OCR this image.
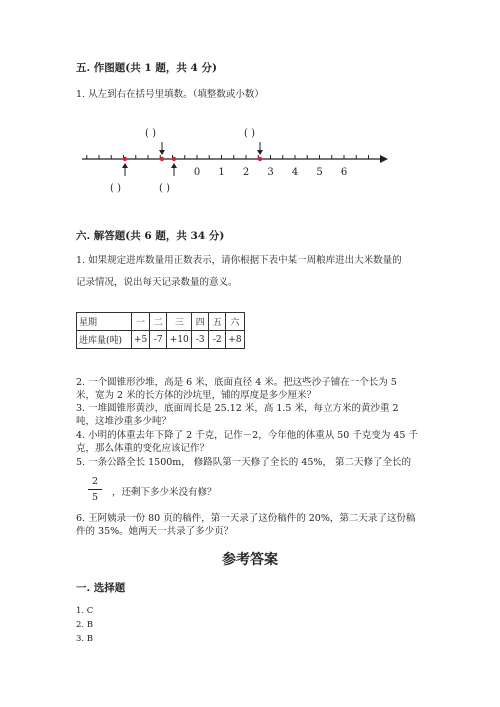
五. 作图题(共 1 题，共 4 分)
1. 从左到右在括号里填数。（填整数或小数）
0 1 2 3 4 5 6
( )	( )
( )	( )
六. 解答题(共 6 题，共 34 分)
1. 如果规定进库数量用正数表示，请你根据下表中某一周粮库进出大米数量的
记录情况，说出每天记录数量的意义。
星期	一	二	三	四	五	六
进库量(吨)	+5	-7	+10	-3	-2	+8
2. 一个圆锥形沙堆，高是 6 米，底面直径 4 米。把这些沙子铺在一个长为 5
米，宽为 2 米的长方体的沙坑里，铺的厚度是多少厘米？
3. 一堆圆锥形黄沙，底面周长是 25.12 米，高 1.5 米，每立方米的黄沙重 2
吨，这堆沙重多少吨？
4. 小明的体重去年下降了 2 千克，记作－2，今年他的体重从 50 千克变为 45 千
克，那么体重的变化应该记作？
5. 一条公路全长 1500m， 修路队第一天修了全长的 45%， 第二天修了全长的
2
5	，还剩下多少米没有修？
6. 王阿姨录一份 80 页的稿件，第一天录了这份稿件的 20%，第二天录了这份稿
件的 35%。她两天一共录了多少页？
参考答案
一. 选择题
1. C
2. B
3. B
